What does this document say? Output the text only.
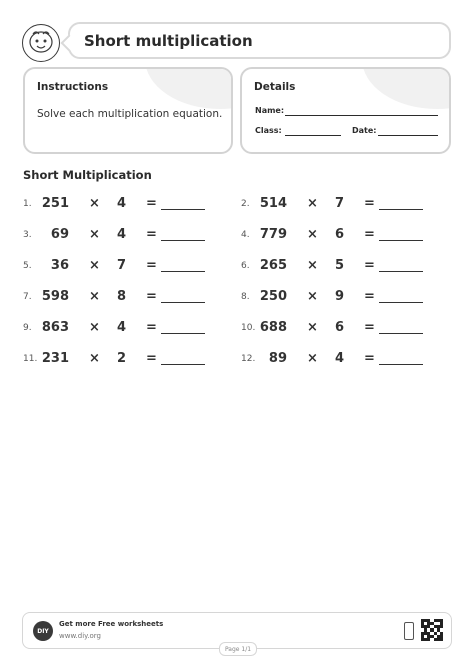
Short multiplication
Instructions
Solve each multiplication equation.
Details
Name:
Class:	Date:
Short Multiplication
1. 251 × 4 =
3. 69 × 4 =
5. 36 × 7 =
7. 598 × 8 =
9. 863 × 4 =
11. 231 × 2 =
2. 514 × 7 =
4. 779 × 6 =
6. 265 × 5 =
8. 250 × 9 =
10. 688 × 6 =
12. 89 × 4 =
DIY
Get more Free worksheets
www.diy.org
Page 1/1
